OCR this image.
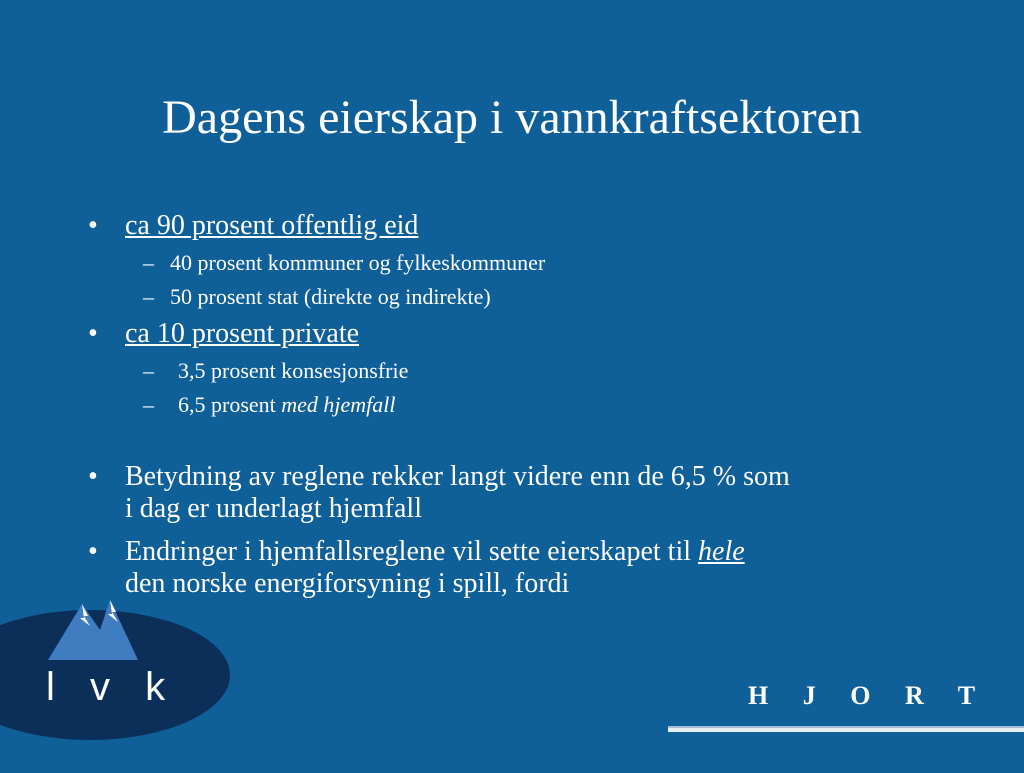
Dagens eierskap i vannkraftsektoren
• ca 90 prosent offentlig eid
– 40 prosent kommuner og fylkeskommuner
– 50 prosent stat (direkte og indirekte)
• ca 10 prosent private
– 3,5 prosent konsesjonsfrie
– 6,5 prosent med hjemfall
• Betydning av reglene rekker langt videre enn de 6,5 % som
i dag er underlagt hjemfall
• Endringer i hjemfallsreglene vil sette eierskapet til hele
den norske energiforsyning i spill, fordi
l v k	H J O R T
